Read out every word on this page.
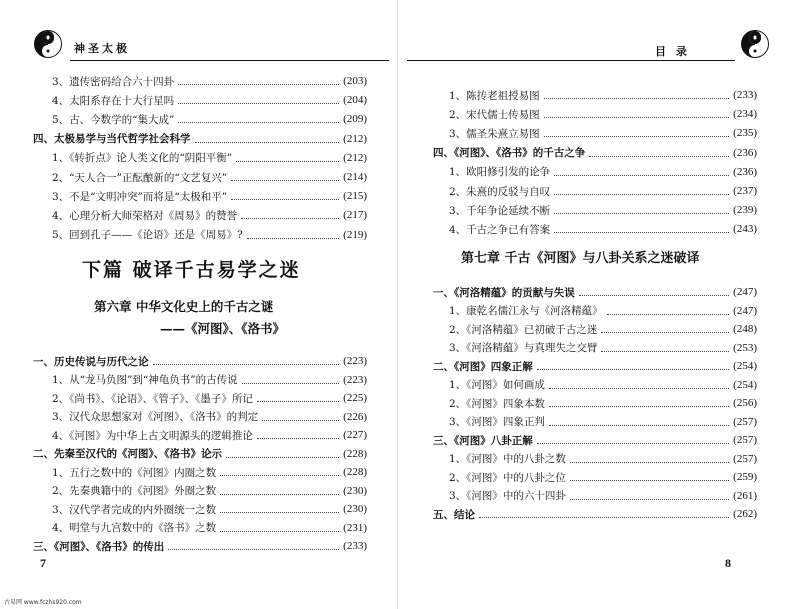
神圣太极
3、遗传密码给合六十四卦	(203)
4、太阳系存在十大行星吗	(204)
5、古、今数学的“集大成”	(209)
四、太极易学与当代哲学社会科学	(212)
1、《转折点》论人类文化的“阴阳平衡”	(212)
2、“天人合一”正酝酿新的“文艺复兴”	(214)
3、不是“文明冲突”而将是“太极和平”	(215)
4、心理分析大师荣格对《周易》的赞誉	(217)
5、回到孔子——《论语》还是《周易》?	(219)
下篇 破译千古易学之迷
第六章 中华文化史上的千古之谜
——《河图》、《洛书》
一、历史传说与历代之论	(223)
1、从“龙马负图”到“神龟负书”的古传说	(223)
2、《尚书》、《论语》、《管子》、《墨子》所记	(225)
3、汉代众思想家对《河图》、《洛书》的判定	(226)
4、《河图》为中华上古文明源头的逻辑推论	(227)
二、先秦至汉代的《河图》、《洛书》论示	(228)
1、五行之数中的《河图》内圈之数	(228)
2、先秦典籍中的《河图》外圈之数	(230)
3、汉代学者完成的内外圈统一之数	(230)
4、明堂与九宫数中的《洛书》之数	(231)
三、《河图》、《洛书》的传出	(233)
7
目 录
1、陈抟老祖授易图	(233)
2、宋代儒士传易图	(234)
3、儒圣朱熹立易图	(235)
四、《河图》、《洛书》的千古之争	(236)
1、欧阳修引发的论争	(236)
2、朱熹的反驳与自叹	(237)
3、千年争论延续不断	(239)
4、千古之争已有答案	(243)
第七章 千古《河图》与八卦关系之迷破译
一、《河洛精蕴》的贡献与失误	(247)
1、康乾名儒江永与《河洛精蕴》	(247)
2、《河洛精蕴》已初破千古之迷	(248)
3、《河洛精蕴》与真理失之交臂	(253)
二、《河图》四象正解	(254)
1、《河图》如何画成	(254)
2、《河图》四象本数	(256)
3、《河图》四象正判	(257)
三、《河图》八卦正解	(257)
1、《河图》中的八卦之数	(257)
2、《河图》中的八卦之位	(259)
3、《河图》中的六十四卦	(261)
五、结论	(262)
8
古易网 www.fczhs920.com
